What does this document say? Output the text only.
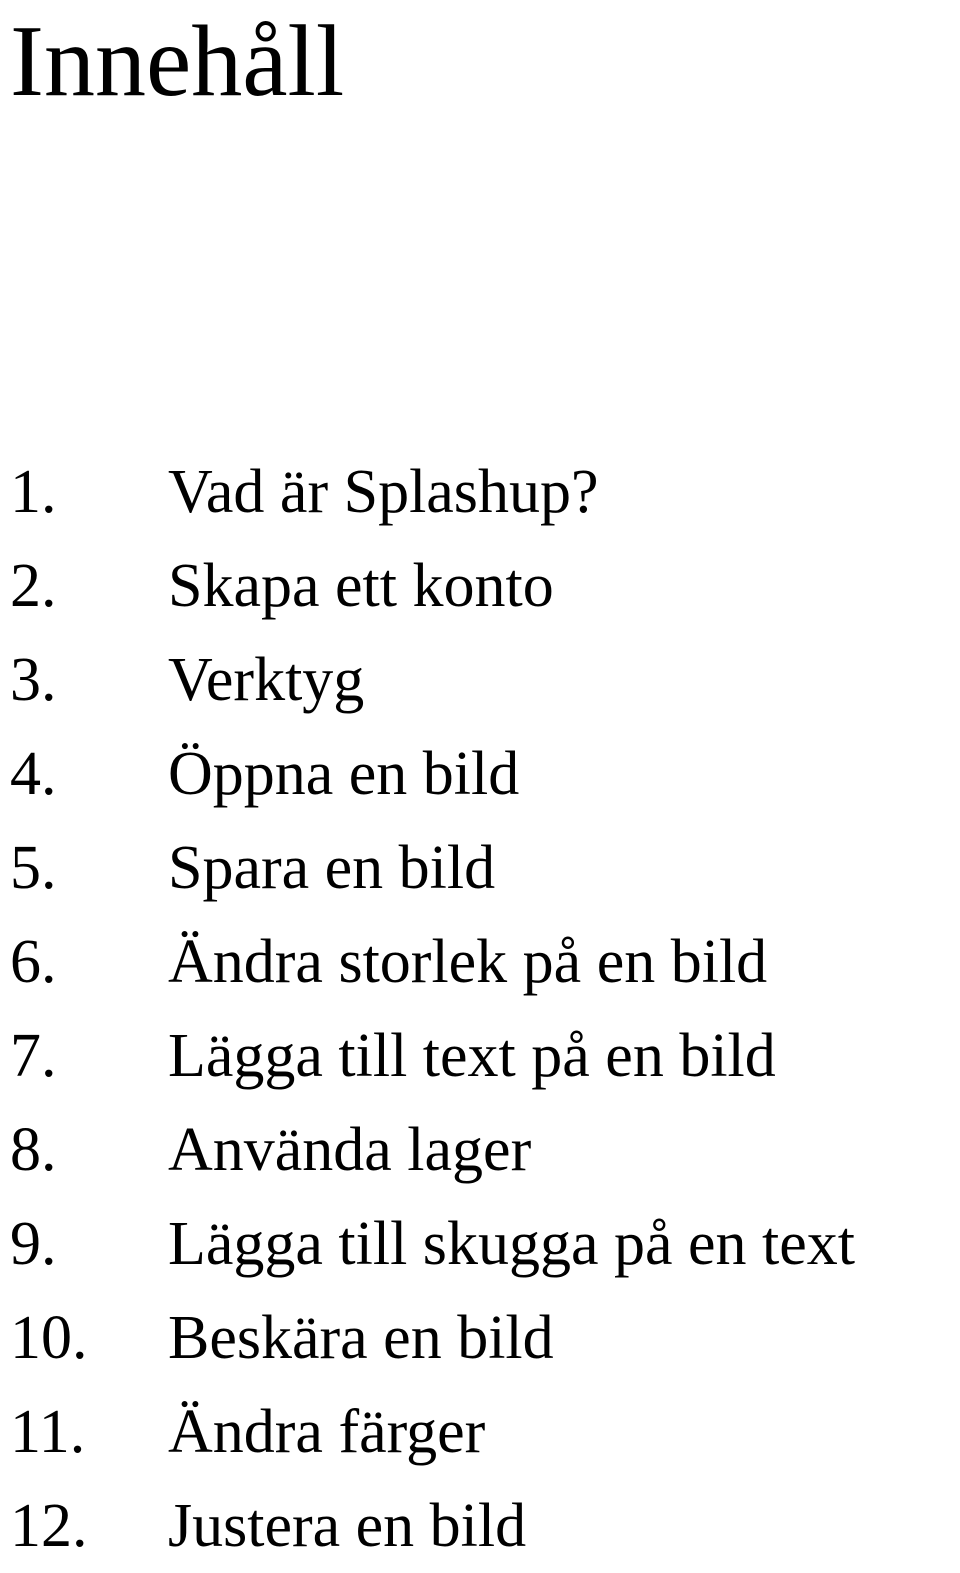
Innehåll
1.	Vad är Splashup?
2.	Skapa ett konto
3.	Verktyg
4.	Öppna en bild
5.	Spara en bild
6.	Ändra storlek på en bild
7.	Lägga till text på en bild
8.	Använda lager
9.	Lägga till skugga på en text
10.	Beskära en bild
11.	Ändra färger
12.	Justera en bild
